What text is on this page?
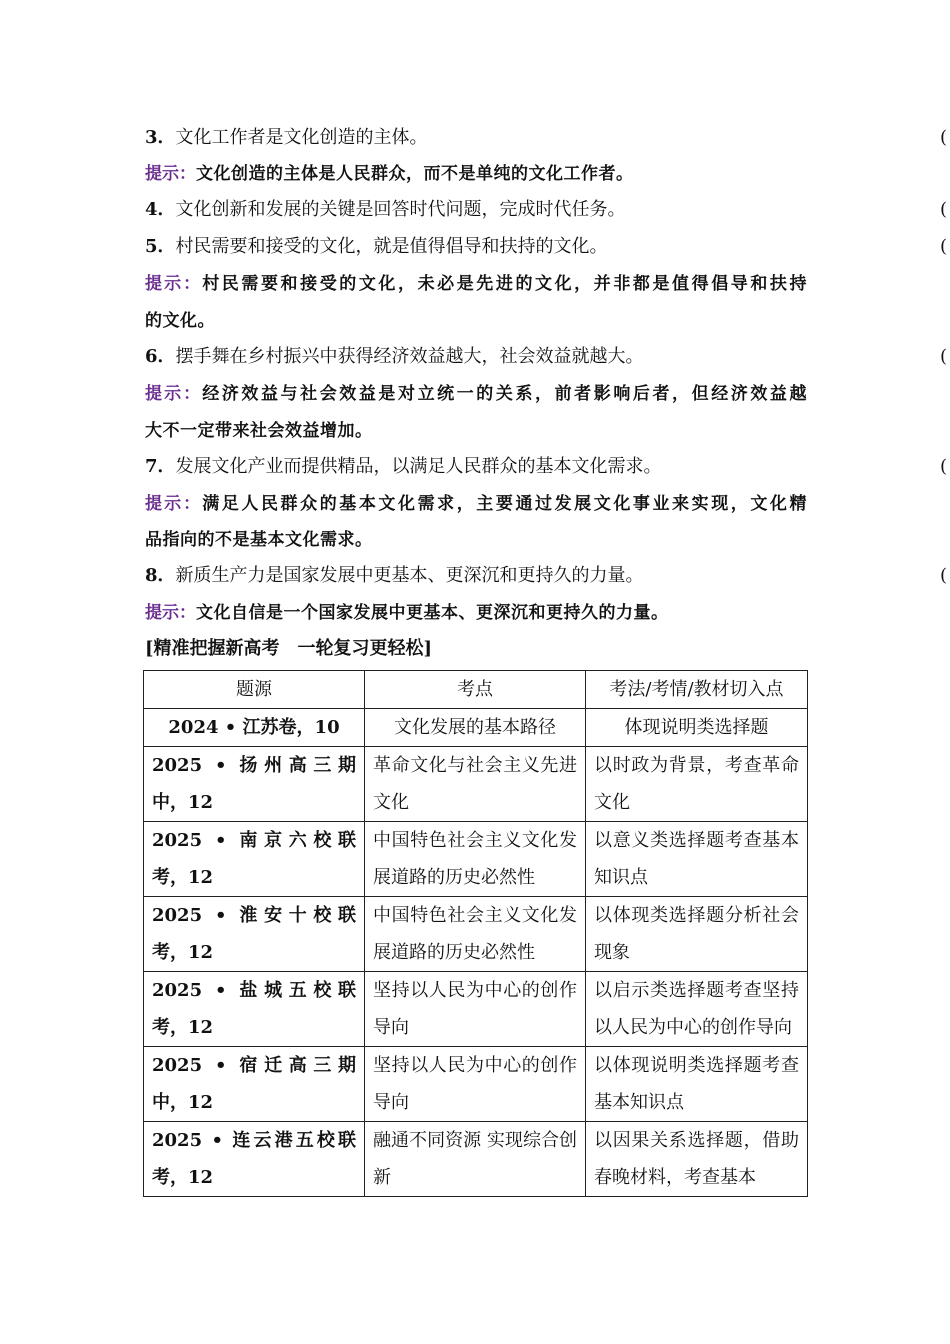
3．文化工作者是文化创造的主体。	(
提示：文化创造的主体是人民群众，而不是单纯的文化工作者。
4．文化创新和发展的关键是回答时代问题，完成时代任务。	(
5．村民需要和接受的文化，就是值得倡导和扶持的文化。	(
提示：村民需要和接受的文化，未必是先进的文化，并非都是值得倡导和扶持
的文化。
6．摆手舞在乡村振兴中获得经济效益越大，社会效益就越大。	(
提示：经济效益与社会效益是对立统一的关系，前者影响后者，但经济效益越
大不一定带来社会效益增加。
7．发展文化产业而提供精品，以满足人民群众的基本文化需求。	(
提示：满足人民群众的基本文化需求，主要通过发展文化事业来实现，文化精
品指向的不是基本文化需求。
8．新质生产力是国家发展中更基本、更深沉和更持久的力量。	(
提示：文化自信是一个国家发展中更基本、更深沉和更持久的力量。
[精准把握新高考　一轮复习更轻松]
题源	考点	考法/考情/教材切入点
2024 • 江苏卷，10	文化发展的基本路径	体现说明类选择题

2025 • 扬州高三期
中，12	革命文化与社会主义先进文化	以时政为背景，考查革命文化

2025 • 南京六校联
考，12	中国特色社会主义文化发展道路的历史必然性	以意义类选择题考查基本知识点

2025 • 淮安十校联
考，12	中国特色社会主义文化发展道路的历史必然性	以体现类选择题分析社会现象

2025 • 盐城五校联
考，12	坚持以人民为中心的创作导向	以启示类选择题考查坚持以人民为中心的创作导向

2025 • 宿迁高三期
中，12	坚持以人民为中心的创作导向	以体现说明类选择题考查基本知识点

2025 • 连云港五校联
考，12	融通不同资源 实现综合创新	以因果关系选择题，借助春晚材料，考查基本
